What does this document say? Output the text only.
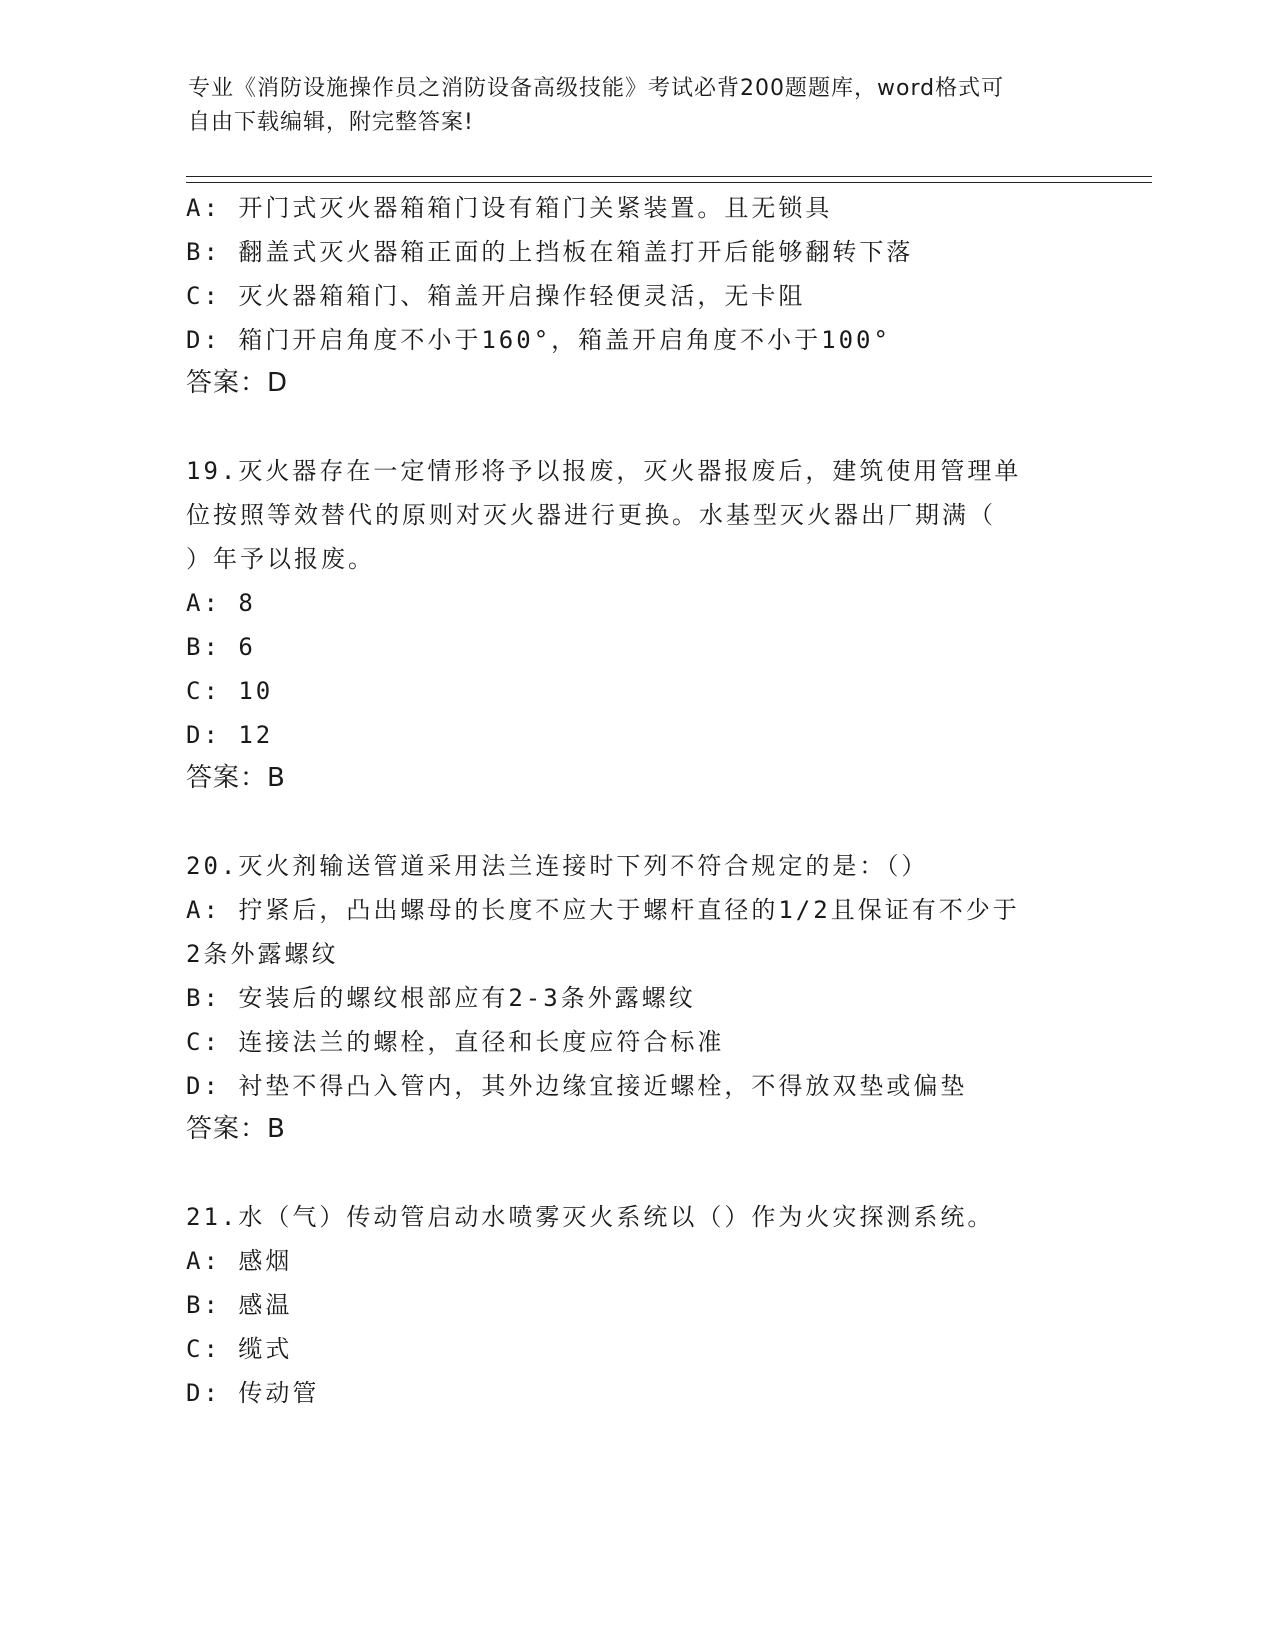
专业《消防设施操作员之消防设备高级技能》考试必背200题题库，word格式可
自由下载编辑，附完整答案!
A: 开门式灭火器箱箱门设有箱门关紧装置。且无锁具
B: 翻盖式灭火器箱正面的上挡板在箱盖打开后能够翻转下落
C: 灭火器箱箱门、箱盖开启操作轻便灵活，无卡阻
D: 箱门开启角度不小于160°，箱盖开启角度不小于100°
答案：D
19.灭火器存在一定情形将予以报废，灭火器报废后，建筑使用管理单
位按照等效替代的原则对灭火器进行更换。水基型灭火器出厂期满（
）年予以报废。
A: 8
B: 6
C: 10
D: 12
答案：B
20.灭火剂输送管道采用法兰连接时下列不符合规定的是：（）
A: 拧紧后，凸出螺母的长度不应大于螺杆直径的1/2且保证有不少于
2条外露螺纹
B: 安装后的螺纹根部应有2-3条外露螺纹
C: 连接法兰的螺栓，直径和长度应符合标准
D: 衬垫不得凸入管内，其外边缘宜接近螺栓，不得放双垫或偏垫
答案：B
21.水（气）传动管启动水喷雾灭火系统以（）作为火灾探测系统。
A: 感烟
B: 感温
C: 缆式
D: 传动管
